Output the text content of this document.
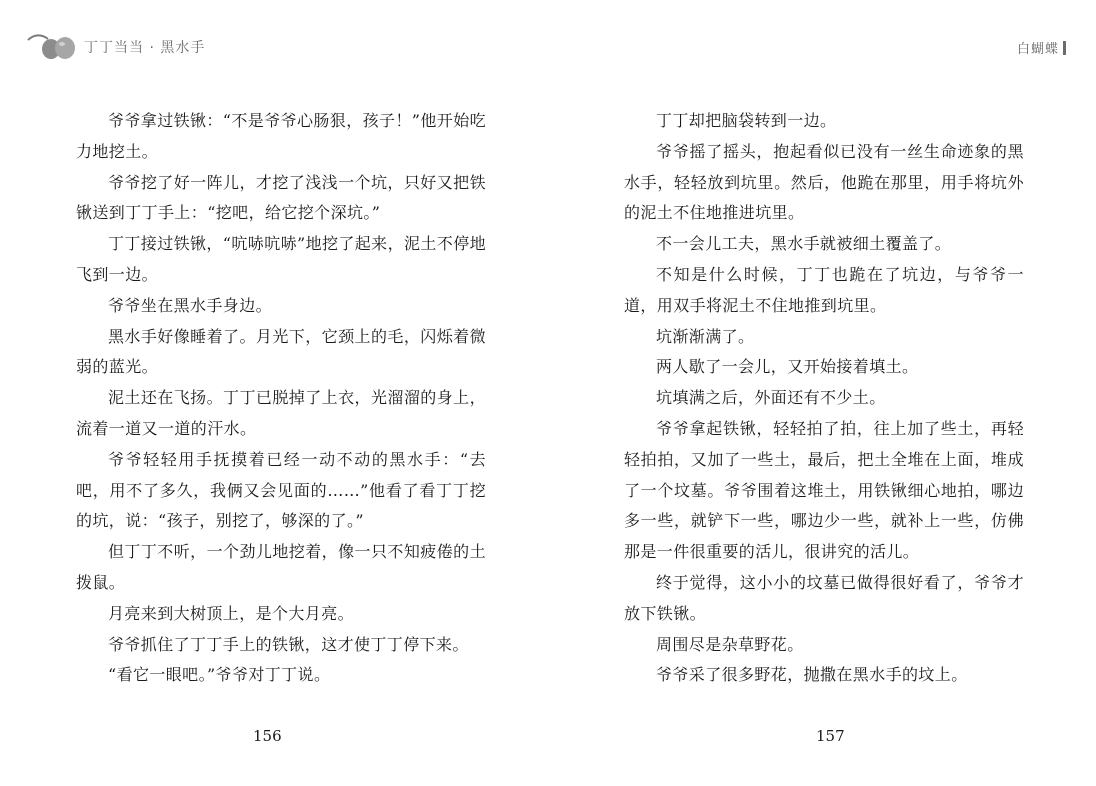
丁丁当当 · 黑水手	白蝴蝶

爷爷拿过铁锹：“不是爷爷心肠狠，孩子！”他开始吃力地挖土。

爷爷挖了好一阵儿，才挖了浅浅一个坑，只好又把铁锹送到丁丁手上：“挖吧，给它挖个深坑。”

丁丁接过铁锹，“吭哧吭哧”地挖了起来，泥土不停地飞到一边。

爷爷坐在黑水手身边。

黑水手好像睡着了。月光下，它颈上的毛，闪烁着微弱的蓝光。

泥土还在飞扬。丁丁已脱掉了上衣，光溜溜的身上，流着一道又一道的汗水。

爷爷轻轻用手抚摸着已经一动不动的黑水手：“去吧，用不了多久，我俩又会见面的……”他看了看丁丁挖的坑，说：“孩子，别挖了，够深的了。”

但丁丁不听，一个劲儿地挖着，像一只不知疲倦的土拨鼠。

月亮来到大树顶上，是个大月亮。

爷爷抓住了丁丁手上的铁锹，这才使丁丁停下来。

“看它一眼吧。”爷爷对丁丁说。

丁丁却把脑袋转到一边。

爷爷摇了摇头，抱起看似已没有一丝生命迹象的黑水手，轻轻放到坑里。然后，他跪在那里，用手将坑外的泥土不住地推进坑里。

不一会儿工夫，黑水手就被细土覆盖了。

不知是什么时候，丁丁也跪在了坑边，与爷爷一道，用双手将泥土不住地推到坑里。

坑渐渐满了。

两人歇了一会儿，又开始接着填土。

坑填满之后，外面还有不少土。

爷爷拿起铁锹，轻轻拍了拍，往上加了些土，再轻轻拍拍，又加了一些土，最后，把土全堆在上面，堆成了一个坟墓。爷爷围着这堆土，用铁锹细心地拍，哪边多一些，就铲下一些，哪边少一些，就补上一些，仿佛那是一件很重要的活儿，很讲究的活儿。

终于觉得，这小小的坟墓已做得很好看了，爷爷才放下铁锹。

周围尽是杂草野花。

爷爷采了很多野花，抛撒在黑水手的坟上。

156	157
